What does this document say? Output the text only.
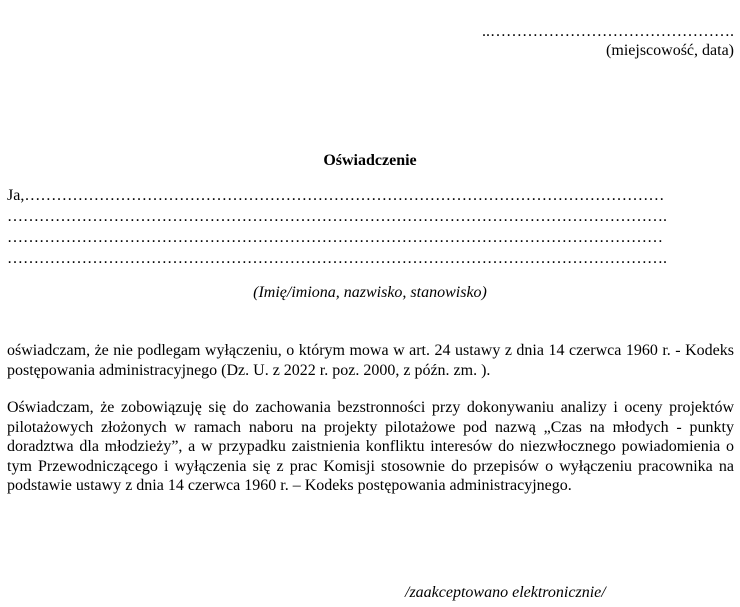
..……………………………………….

(miejscowość, data)

Oświadczenie

Ja,…………………………………………………………………………………………………………

…………………………………………………………………………………………………………….

……………………………………………………………………………………………………………

…………………………………………………………………………………………………………….

(Imię/imiona, nazwisko, stanowisko)

oświadczam, że nie podlegam wyłączeniu, o którym mowa w art. 24 ustawy z dnia 14 czerwca 1960 r. - Kodeks postępowania administracyjnego (Dz. U. z 2022 r. poz. 2000, z późn. zm. ).

Oświadczam, że zobowiązuję się do zachowania bezstronności przy dokonywaniu analizy i oceny projektów pilotażowych złożonych w ramach naboru na projekty pilotażowe pod nazwą „Czas na młodych - punkty doradztwa dla młodzieży”, a w przypadku zaistnienia konfliktu interesów do niezwłocznego powiadomienia o tym Przewodniczącego i wyłączenia się z prac Komisji stosownie do przepisów o wyłączeniu pracownika na podstawie ustawy z dnia 14 czerwca 1960 r. – Kodeks postępowania administracyjnego.

/zaakceptowano elektronicznie/
